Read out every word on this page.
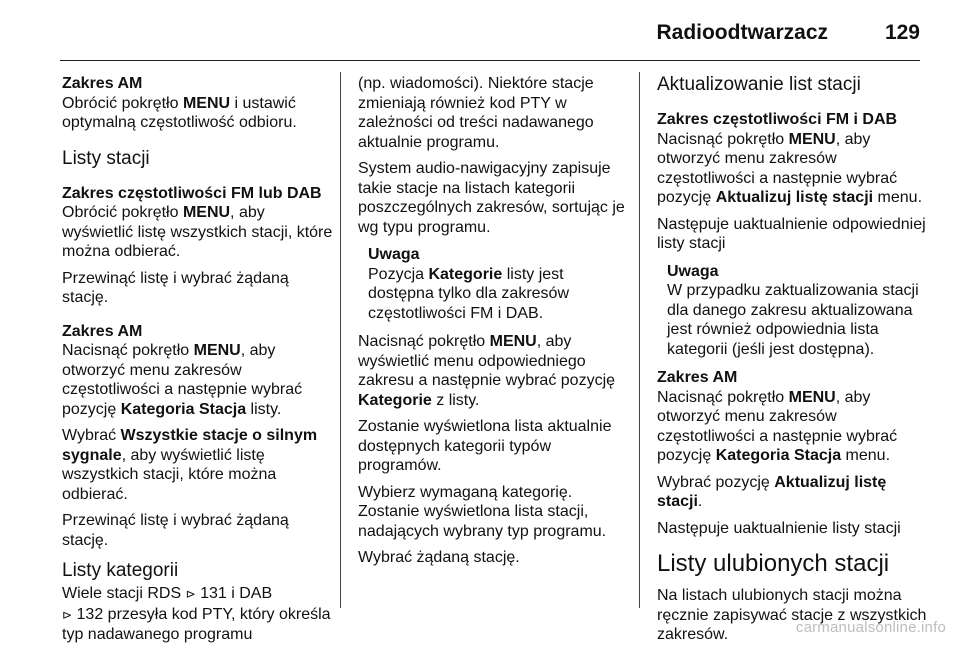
Radioodtwarzacz	129

Zakres AM

Obrócić pokrętło MENU i ustawić optymalną częstotliwość odbioru.

Listy stacji

Zakres częstotliwości FM lub DAB

Obrócić pokrętło MENU, aby wyświetlić listę wszystkich stacji, które można odbierać.

Przewinąć listę i wybrać żądaną stację.

Zakres AM

Nacisnąć pokrętło MENU, aby otworzyć menu zakresów częstotliwości a następnie wybrać pozycję Kategoria Stacja listy.

Wybrać Wszystkie stacje o silnym sygnale, aby wyświetlić listę wszystkich stacji, które można odbierać.

Przewinąć listę i wybrać żądaną stację.

Listy kategorii

Wiele stacji RDS ⊳ 131 i DAB
⊳ 132 przesyła kod PTY, który określa typ nadawanego programu

(np. wiadomości). Niektóre stacje zmieniają również kod PTY w zależności od treści nadawanego aktualnie programu.

System audio-nawigacyjny zapisuje takie stacje na listach kategorii poszczególnych zakresów, sortując je wg typu programu.

Uwaga
Pozycja Kategorie listy jest dostępna tylko dla zakresów częstotliwości FM i DAB.

Nacisnąć pokrętło MENU, aby wyświetlić menu odpowiedniego zakresu a następnie wybrać pozycję Kategorie z listy.

Zostanie wyświetlona lista aktualnie dostępnych kategorii typów programów.

Wybierz wymaganą kategorię. Zostanie wyświetlona lista stacji, nadających wybrany typ programu.

Wybrać żądaną stację.

Aktualizowanie list stacji

Zakres częstotliwości FM i DAB

Nacisnąć pokrętło MENU, aby otworzyć menu zakresów częstotliwości a następnie wybrać pozycję Aktualizuj listę stacji menu.

Następuje uaktualnienie odpowiedniej listy stacji

Uwaga
W przypadku zaktualizowania stacji dla danego zakresu aktualizowana jest również odpowiednia lista kategorii (jeśli jest dostępna).

Zakres AM

Nacisnąć pokrętło MENU, aby otworzyć menu zakresów częstotliwości a następnie wybrać pozycję Kategoria Stacja menu.

Wybrać pozycję Aktualizuj listę stacji.

Następuje uaktualnienie listy stacji

Listy ulubionych stacji

Na listach ulubionych stacji można ręcznie zapisywać stacje z wszystkich zakresów.	carmanualsonline.info
